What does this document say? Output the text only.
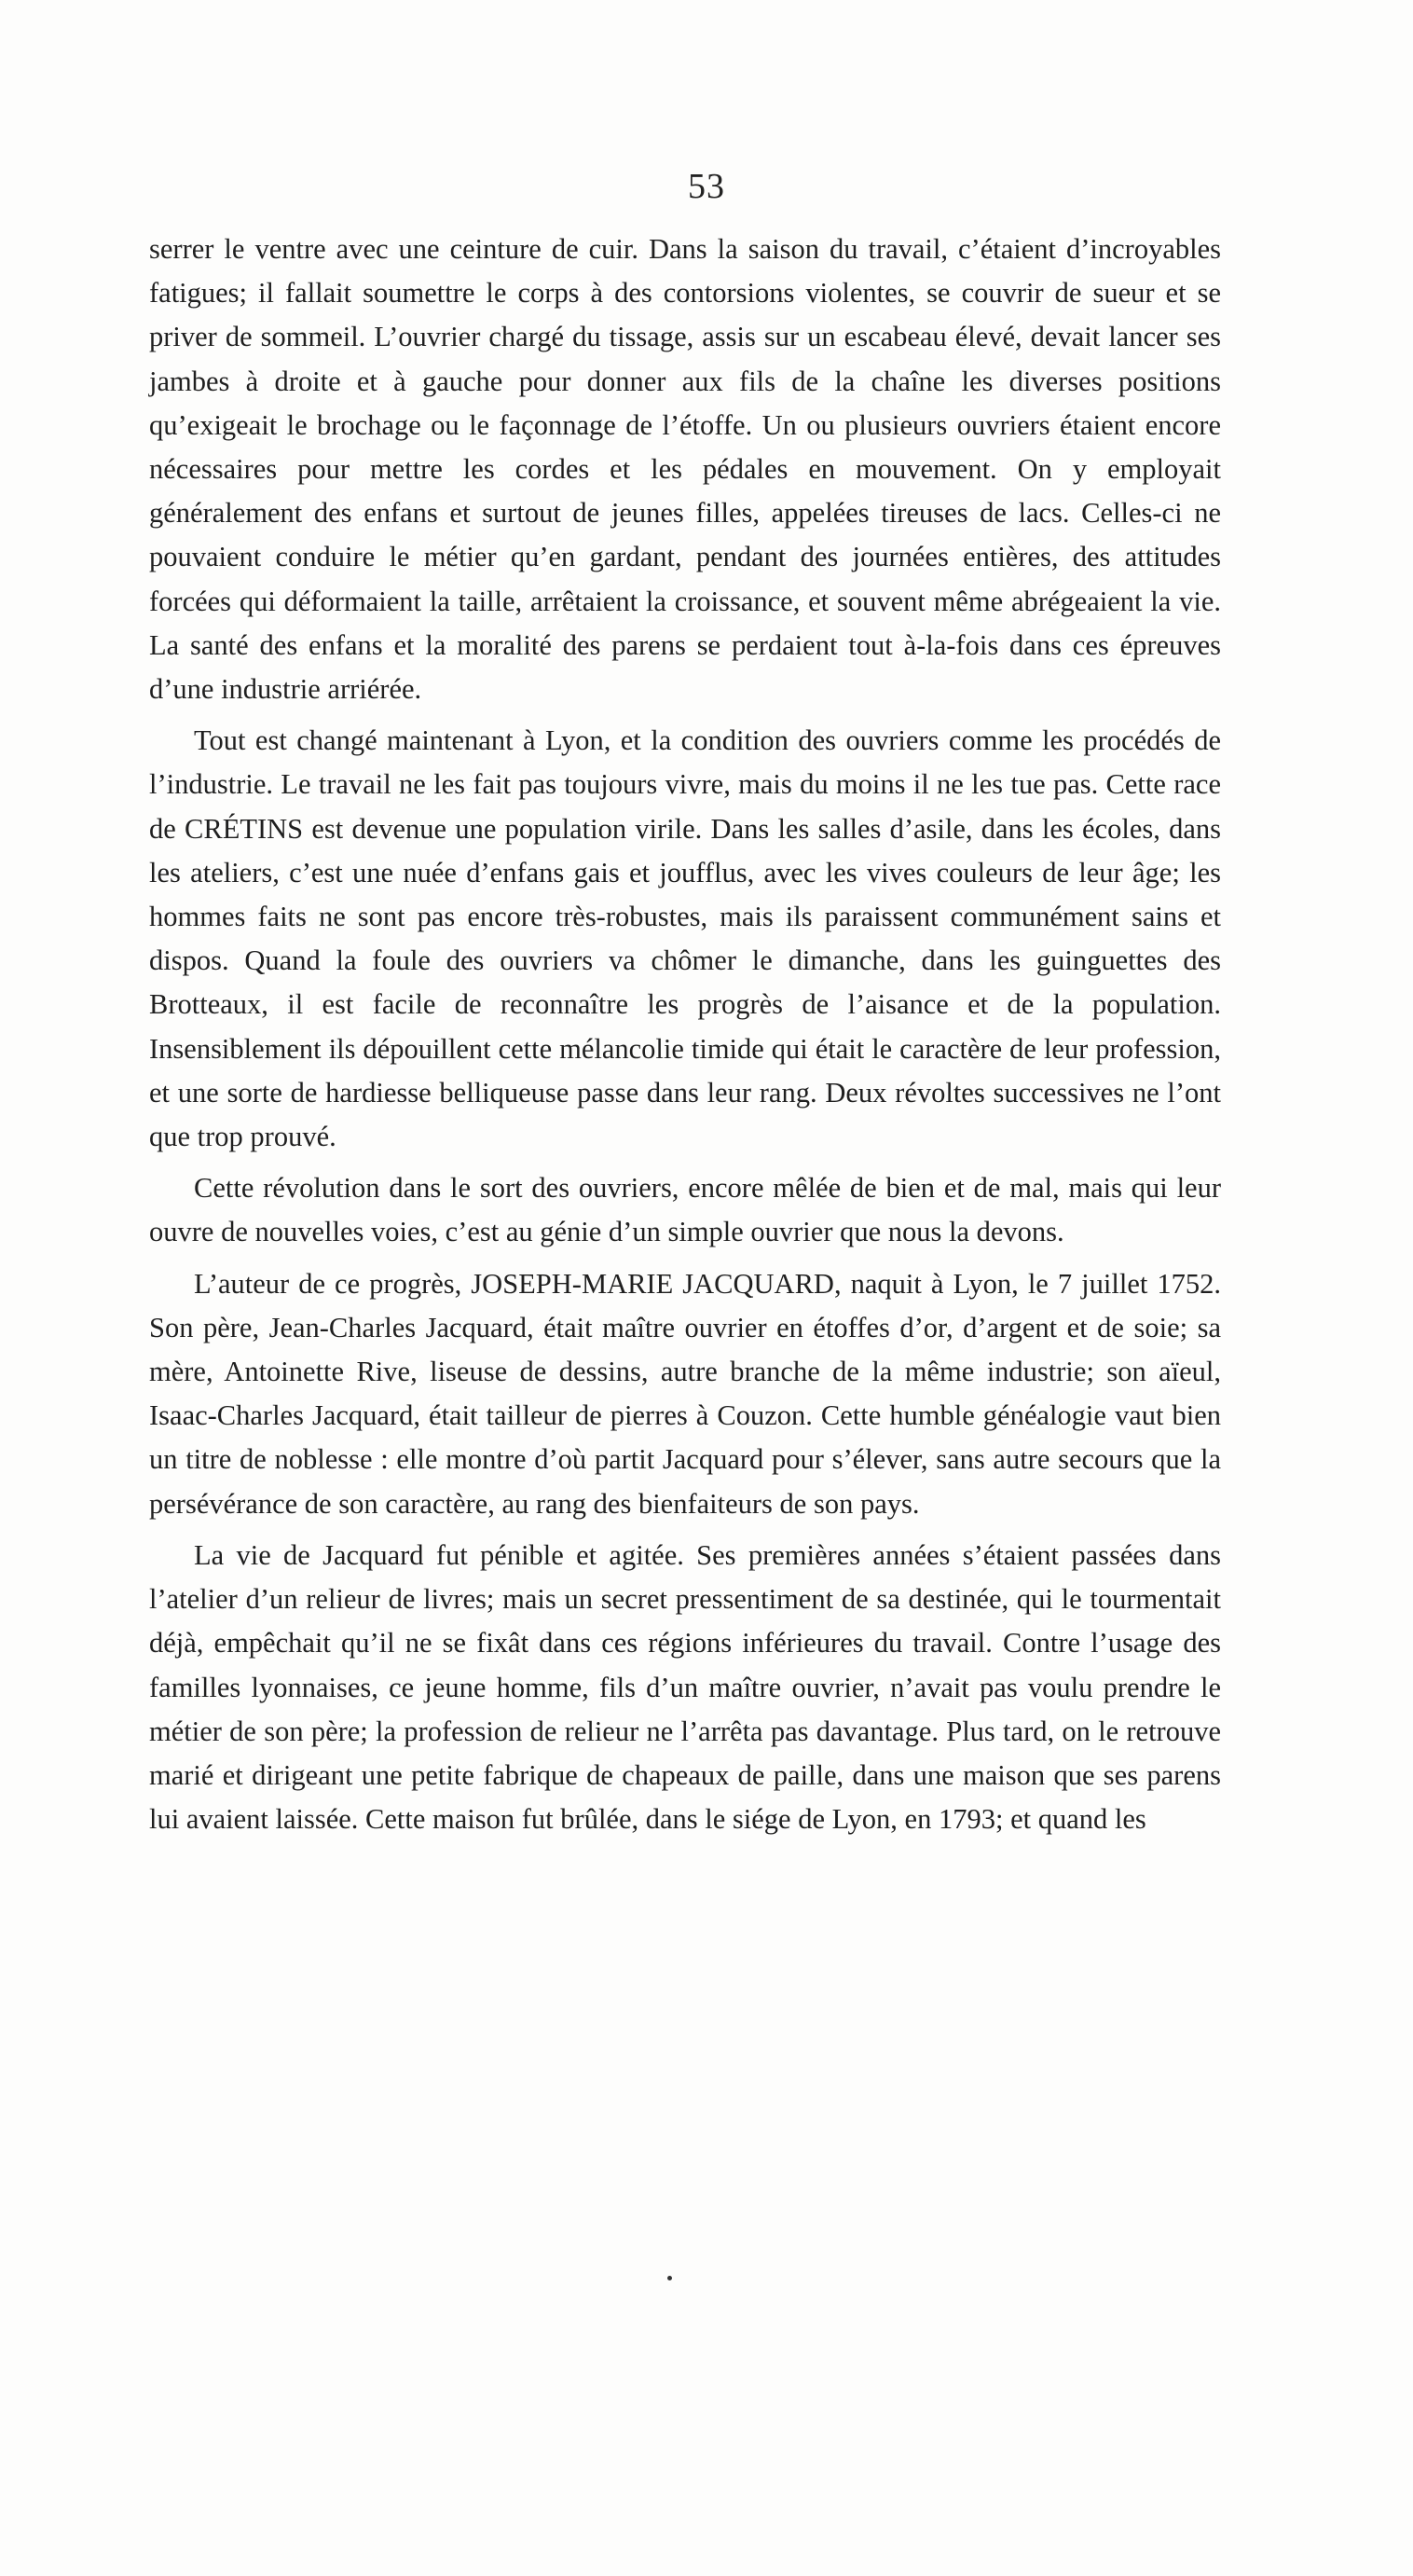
53

serrer le ventre avec une ceinture de cuir. Dans la saison du travail, c’étaient d’incroyables fatigues; il fallait soumettre le corps à des contorsions violentes, se couvrir de sueur et se priver de sommeil. L’ouvrier chargé du tissage, assis sur un escabeau élevé, devait lancer ses jambes à droite et à gauche pour donner aux fils de la chaîne les diverses positions qu’exigeait le brochage ou le façonnage de l’étoffe. Un ou plusieurs ouvriers étaient encore nécessaires pour mettre les cordes et les pédales en mouvement. On y employait généralement des enfans et surtout de jeunes filles, appelées tireuses de lacs. Celles-ci ne pouvaient conduire le métier qu’en gardant, pendant des journées entières, des attitudes forcées qui déformaient la taille, arrêtaient la croissance, et souvent même abrégeaient la vie. La santé des enfans et la moralité des parens se perdaient tout à-la-fois dans ces épreuves d’une industrie arriérée.

Tout est changé maintenant à Lyon, et la condition des ouvriers comme les procédés de l’industrie. Le travail ne les fait pas toujours vivre, mais du moins il ne les tue pas. Cette race de CRÉTINS est devenue une population virile. Dans les salles d’asile, dans les écoles, dans les ateliers, c’est une nuée d’enfans gais et joufflus, avec les vives couleurs de leur âge; les hommes faits ne sont pas encore très-robustes, mais ils paraissent communément sains et dispos. Quand la foule des ouvriers va chômer le dimanche, dans les guinguettes des Brotteaux, il est facile de reconnaître les progrès de l’aisance et de la population. Insensiblement ils dépouillent cette mélancolie timide qui était le caractère de leur profession, et une sorte de hardiesse belliqueuse passe dans leur rang. Deux révoltes successives ne l’ont que trop prouvé.

Cette révolution dans le sort des ouvriers, encore mêlée de bien et de mal, mais qui leur ouvre de nouvelles voies, c’est au génie d’un simple ouvrier que nous la devons.

L’auteur de ce progrès, JOSEPH-MARIE JACQUARD, naquit à Lyon, le 7 juillet 1752. Son père, Jean-Charles Jacquard, était maître ouvrier en étoffes d’or, d’argent et de soie; sa mère, Antoinette Rive, liseuse de dessins, autre branche de la même industrie; son aïeul, Isaac-Charles Jacquard, était tailleur de pierres à Couzon. Cette humble généalogie vaut bien un titre de noblesse : elle montre d’où partit Jacquard pour s’élever, sans autre secours que la persévérance de son caractère, au rang des bienfaiteurs de son pays.

La vie de Jacquard fut pénible et agitée. Ses premières années s’étaient passées dans l’atelier d’un relieur de livres; mais un secret pressentiment de sa destinée, qui le tourmentait déjà, empêchait qu’il ne se fixât dans ces régions inférieures du travail. Contre l’usage des familles lyonnaises, ce jeune homme, fils d’un maître ouvrier, n’avait pas voulu prendre le métier de son père; la profession de relieur ne l’arrêta pas davantage. Plus tard, on le retrouve marié et dirigeant une petite fabrique de chapeaux de paille, dans une maison que ses parens lui avaient laissée. Cette maison fut brûlée, dans le siége de Lyon, en 1793; et quand les
